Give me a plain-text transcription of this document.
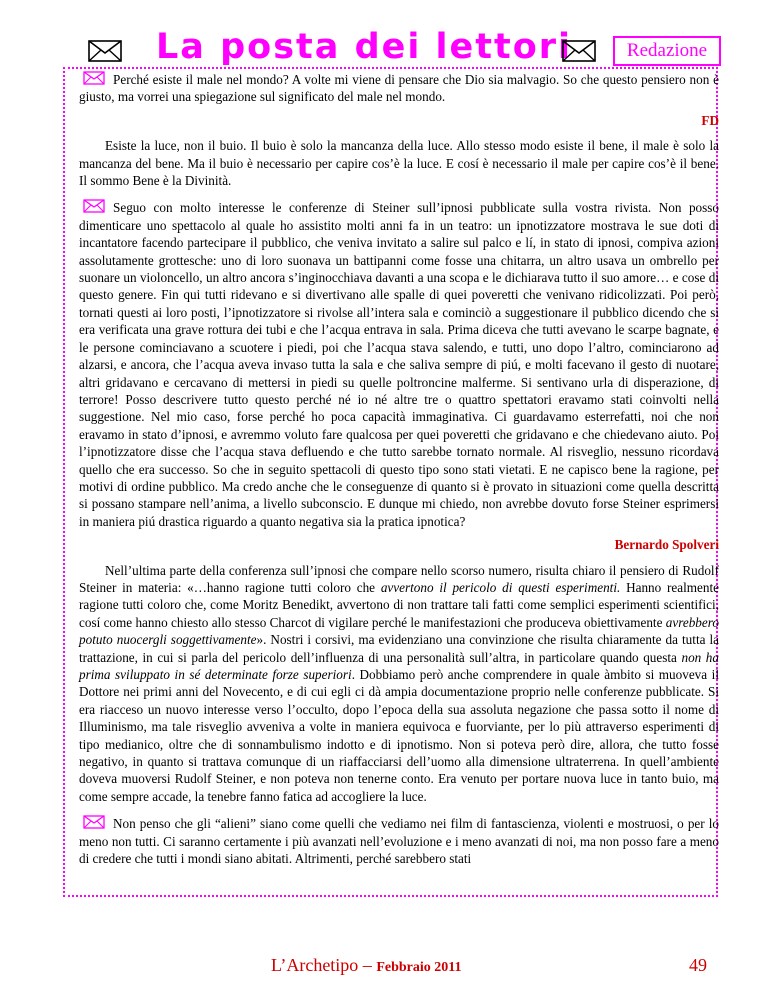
La posta dei lettori	Redazione

Perché esiste il male nel mondo? A volte mi viene di pensare che Dio sia malvagio. So che questo pensiero non è giusto, ma vorrei una spiegazione sul significato del male nel mondo.

FD

Esiste la luce, non il buio. Il buio è solo la mancanza della luce. Allo stesso modo esiste il bene, il male è solo la mancanza del bene. Ma il buio è necessario per capire cos’è la luce. E cosí è necessario il male per capire cos’è il bene. Il sommo Bene è la Divinità.

Seguo con molto interesse le conferenze di Steiner sull’ipnosi pubblicate sulla vostra rivista. Non posso dimenticare uno spettacolo al quale ho assistito molti anni fa in un teatro: un ipnotizzatore mostrava le sue doti di incantatore facendo partecipare il pubblico, che veniva invitato a salire sul palco e lí, in stato di ipnosi, compiva azioni assolutamente grottesche: uno di loro suonava un battipanni come fosse una chitarra, un altro usava un ombrello per suonare un violoncello, un altro ancora s’inginocchiava davanti a una scopa e le dichiarava tutto il suo amore… e cose di questo genere. Fin qui tutti ridevano e si divertivano alle spalle di quei poveretti che venivano ridicolizzati. Poi però, tornati questi ai loro posti, l’ipnotizzatore si rivolse all’intera sala e cominciò a suggestionare il pubblico dicendo che si era verificata una grave rottura dei tubi e che l’acqua entrava in sala. Prima diceva che tutti avevano le scarpe bagnate, e le persone cominciavano a scuotere i piedi, poi che l’acqua stava salendo, e tutti, uno dopo l’altro, cominciarono ad alzarsi, e ancora, che l’acqua aveva invaso tutta la sala e che saliva sempre di piú, e molti facevano il gesto di nuotare, altri gridavano e cercavano di mettersi in piedi su quelle poltroncine malferme. Si sentivano urla di disperazione, di terrore! Posso descrivere tutto questo perché né io né altre tre o quattro spettatori eravamo stati coinvolti nella suggestione. Nel mio caso, forse perché ho poca capacità immaginativa. Ci guardavamo esterrefatti, noi che non eravamo in stato d’ipnosi, e avremmo voluto fare qualcosa per quei poveretti che gridavano e che chiedevano aiuto. Poi l’ipnotizzatore disse che l’acqua stava defluendo e che tutto sarebbe tornato normale. Al risveglio, nessuno ricordava quello che era successo. So che in seguito spettacoli di questo tipo sono stati vietati. E ne capisco bene la ragione, per motivi di ordine pubblico. Ma credo anche che le conseguenze di quanto si è provato in situazioni come quella descritta si possano stampare nell’anima, a livello subconscio. E dunque mi chiedo, non avrebbe dovuto forse Steiner esprimersi in maniera piú drastica riguardo a quanto negativa sia la pratica ipnotica?

Bernardo Spolveri

Nell’ultima parte della conferenza sull’ipnosi che compare nello scorso numero, risulta chiaro il pensiero di Rudolf Steiner in materia: «…hanno ragione tutti coloro che avvertono il pericolo di questi esperimenti. Hanno realmente ragione tutti coloro che, come Moritz Benedikt, avvertono di non trattare tali fatti come semplici esperimenti scientifici, cosí come hanno chiesto allo stesso Charcot di vigilare perché le manifestazioni che produceva obiettivamente avrebbero potuto nuocergli soggettivamente». Nostri i corsivi, ma evidenziano una convinzione che risulta chiaramente da tutta la trattazione, in cui si parla del pericolo dell’influenza di una personalità sull’altra, in particolare quando questa non ha prima sviluppato in sé determinate forze superiori. Dobbiamo però anche comprendere in quale àmbito si muoveva il Dottore nei primi anni del Novecento, e di cui egli ci dà ampia documentazione proprio nelle conferenze pubblicate. Si era riacceso un nuovo interesse verso l’occulto, dopo l’epoca della sua assoluta negazione che passa sotto il nome di Illuminismo, ma tale risveglio avveniva a volte in maniera equivoca e fuorviante, per lo più attraverso esperimenti di tipo medianico, oltre che di sonnambulismo indotto e di ipnotismo. Non si poteva però dire, allora, che tutto fosse negativo, in quanto si trattava comunque di un riaffacciarsi dell’uomo alla dimensione ultraterrena. In quell’ambiente doveva muoversi Rudolf Steiner, e non poteva non tenerne conto. Era venuto per portare nuova luce in tanto buio, ma come sempre accade, la tenebre fanno fatica ad accogliere la luce.

Non penso che gli “alieni” siano come quelli che vediamo nei film di fantascienza, violenti e mostruosi, o per lo meno non tutti. Ci saranno certamente i più avanzati nell’evoluzione e i meno avanzati di noi, ma non posso fare a meno di credere che tutti i mondi siano abitati. Altrimenti, perché sarebbero stati

L’Archetipo – Febbraio 2011	49
